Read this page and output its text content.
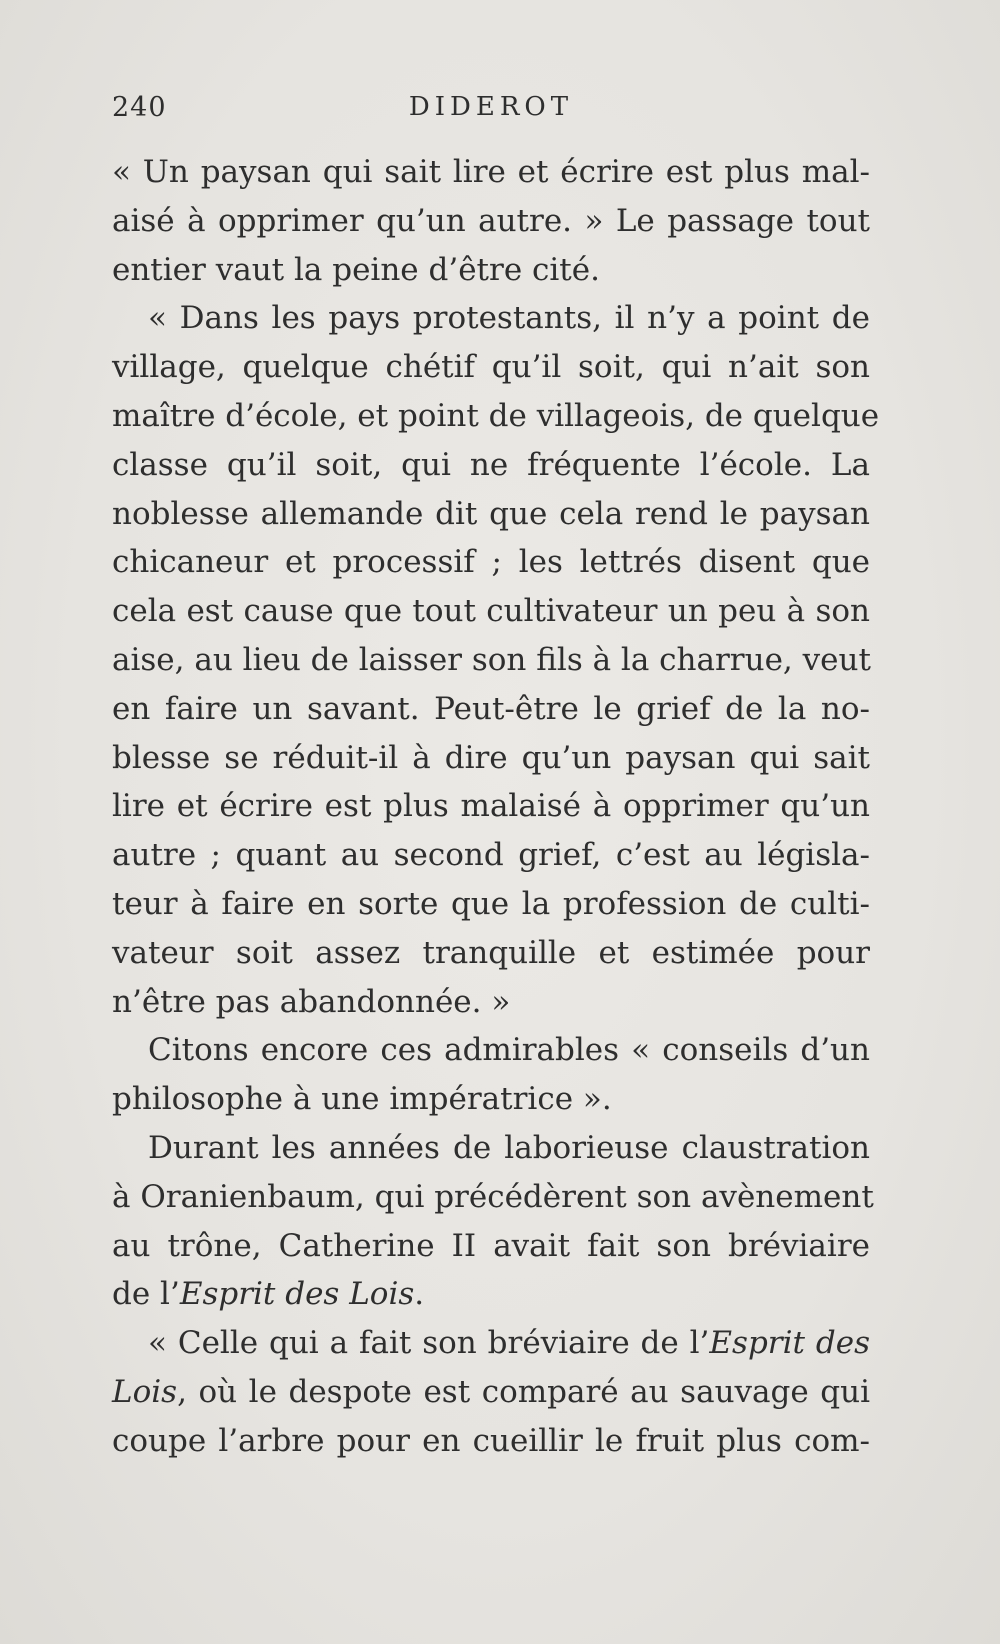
240	DIDEROT
« Un paysan qui sait lire et écrire est plus mal-
aisé à opprimer qu’un autre. » Le passage tout
entier vaut la peine d’être cité.
« Dans les pays protestants, il n’y a point de
village, quelque chétif qu’il soit, qui n’ait son
maître d’école, et point de villageois, de quelque
classe qu’il soit, qui ne fréquente l’école. La
noblesse allemande dit que cela rend le paysan
chicaneur et processif ; les lettrés disent que
cela est cause que tout cultivateur un peu à son
aise, au lieu de laisser son fils à la charrue, veut
en faire un savant. Peut-être le grief de la no-
blesse se réduit-il à dire qu’un paysan qui sait
lire et écrire est plus malaisé à opprimer qu’un
autre ; quant au second grief, c’est au législa-
teur à faire en sorte que la profession de culti-
vateur soit assez tranquille et estimée pour
n’être pas abandonnée. »
Citons encore ces admirables « conseils d’un
philosophe à une impératrice ».
Durant les années de laborieuse claustration
à Oranienbaum, qui précédèrent son avènement
au trône, Catherine II avait fait son bréviaire
de l’Esprit des Lois.
« Celle qui a fait son bréviaire de l’Esprit des
Lois, où le despote est comparé au sauvage qui
coupe l’arbre pour en cueillir le fruit plus com-
